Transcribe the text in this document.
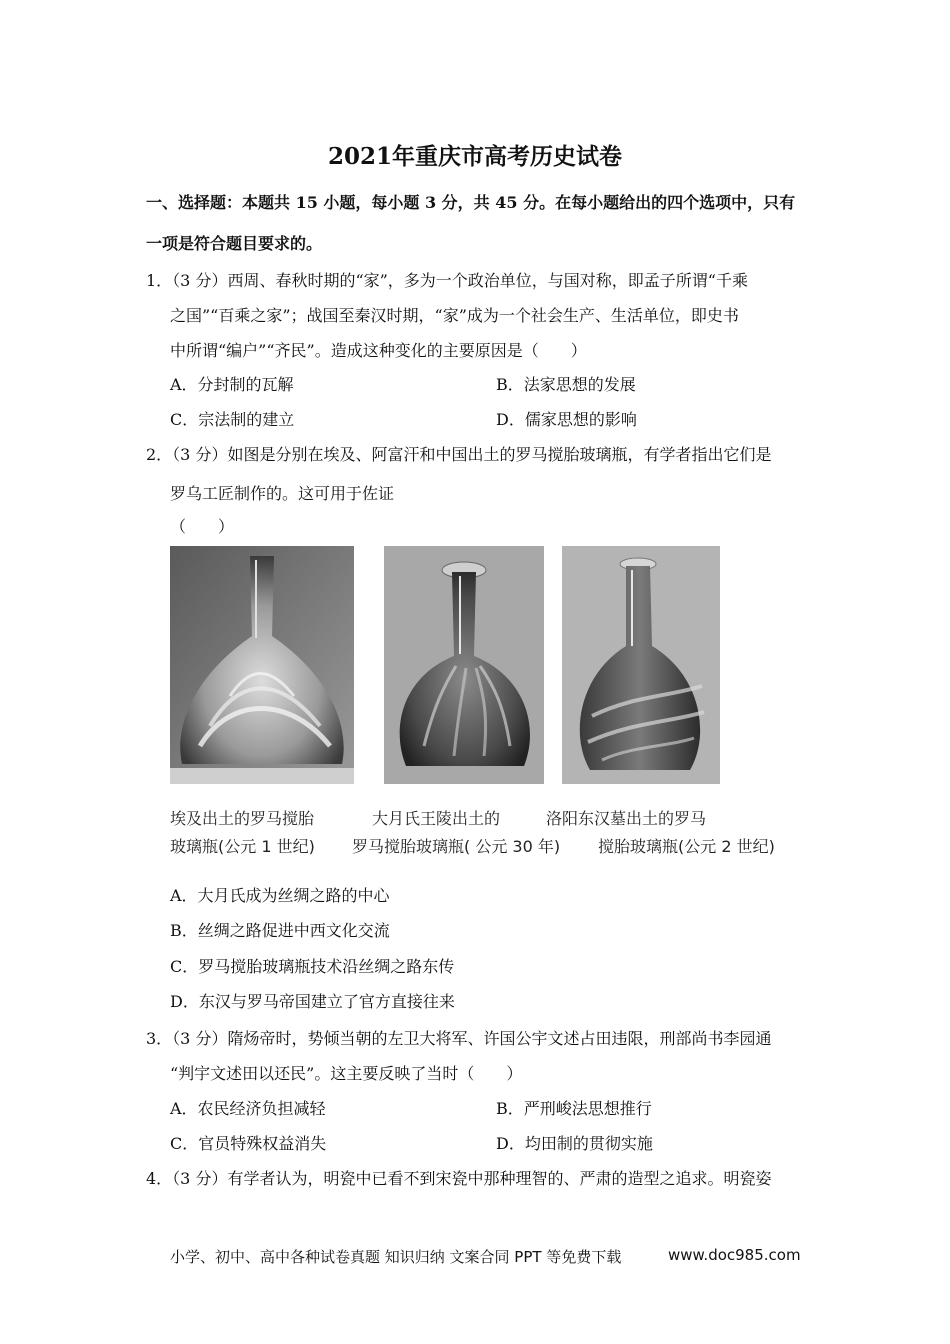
2021年重庆市高考历史试卷
一、选择题：本题共 15 小题，每小题 3 分，共 45 分。在每小题给出的四个选项中，只有
一项是符合题目要求的。
1．（3 分）西周、春秋时期的“家”，多为一个政治单位，与国对称，即孟子所谓“千乘
之国”“百乘之家”；战国至秦汉时期，“家”成为一个社会生产、生活单位，即史书
中所谓“编户”“齐民”。造成这种变化的主要原因是（　　）
A．分封制的瓦解	B．法家思想的发展
C．宗法制的建立	D．儒家思想的影响
2．（3 分）如图是分别在埃及、阿富汗和中国出土的罗马搅胎玻璃瓶，有学者指出它们是
罗乌工匠制作的。这可用于佐证
（　　）
埃及出土的罗马搅胎	大月氏王陵出土的	洛阳东汉墓出土的罗马
玻璃瓶(公元 1 世纪) 罗马搅胎玻璃瓶( 公元 30 年) 搅胎玻璃瓶(公元 2 世纪)
A．大月氏成为丝绸之路的中心
B．丝绸之路促进中西文化交流
C．罗马搅胎玻璃瓶技术沿丝绸之路东传
D．东汉与罗马帝国建立了官方直接往来
3．（3 分）隋炀帝时，势倾当朝的左卫大将军、许国公宇文述占田违限，刑部尚书李园通
“判宇文述田以还民”。这主要反映了当时（　　）
A．农民经济负担减轻	B．严刑峻法思想推行
C．官员特殊权益消失	D．均田制的贯彻实施
4．（3 分）有学者认为，明瓷中已看不到宋瓷中那种理智的、严肃的造型之追求。明瓷姿
小学、初中、高中各种试卷真题 知识归纳 文案合同 PPT 等免费下载	www.doc985.com
